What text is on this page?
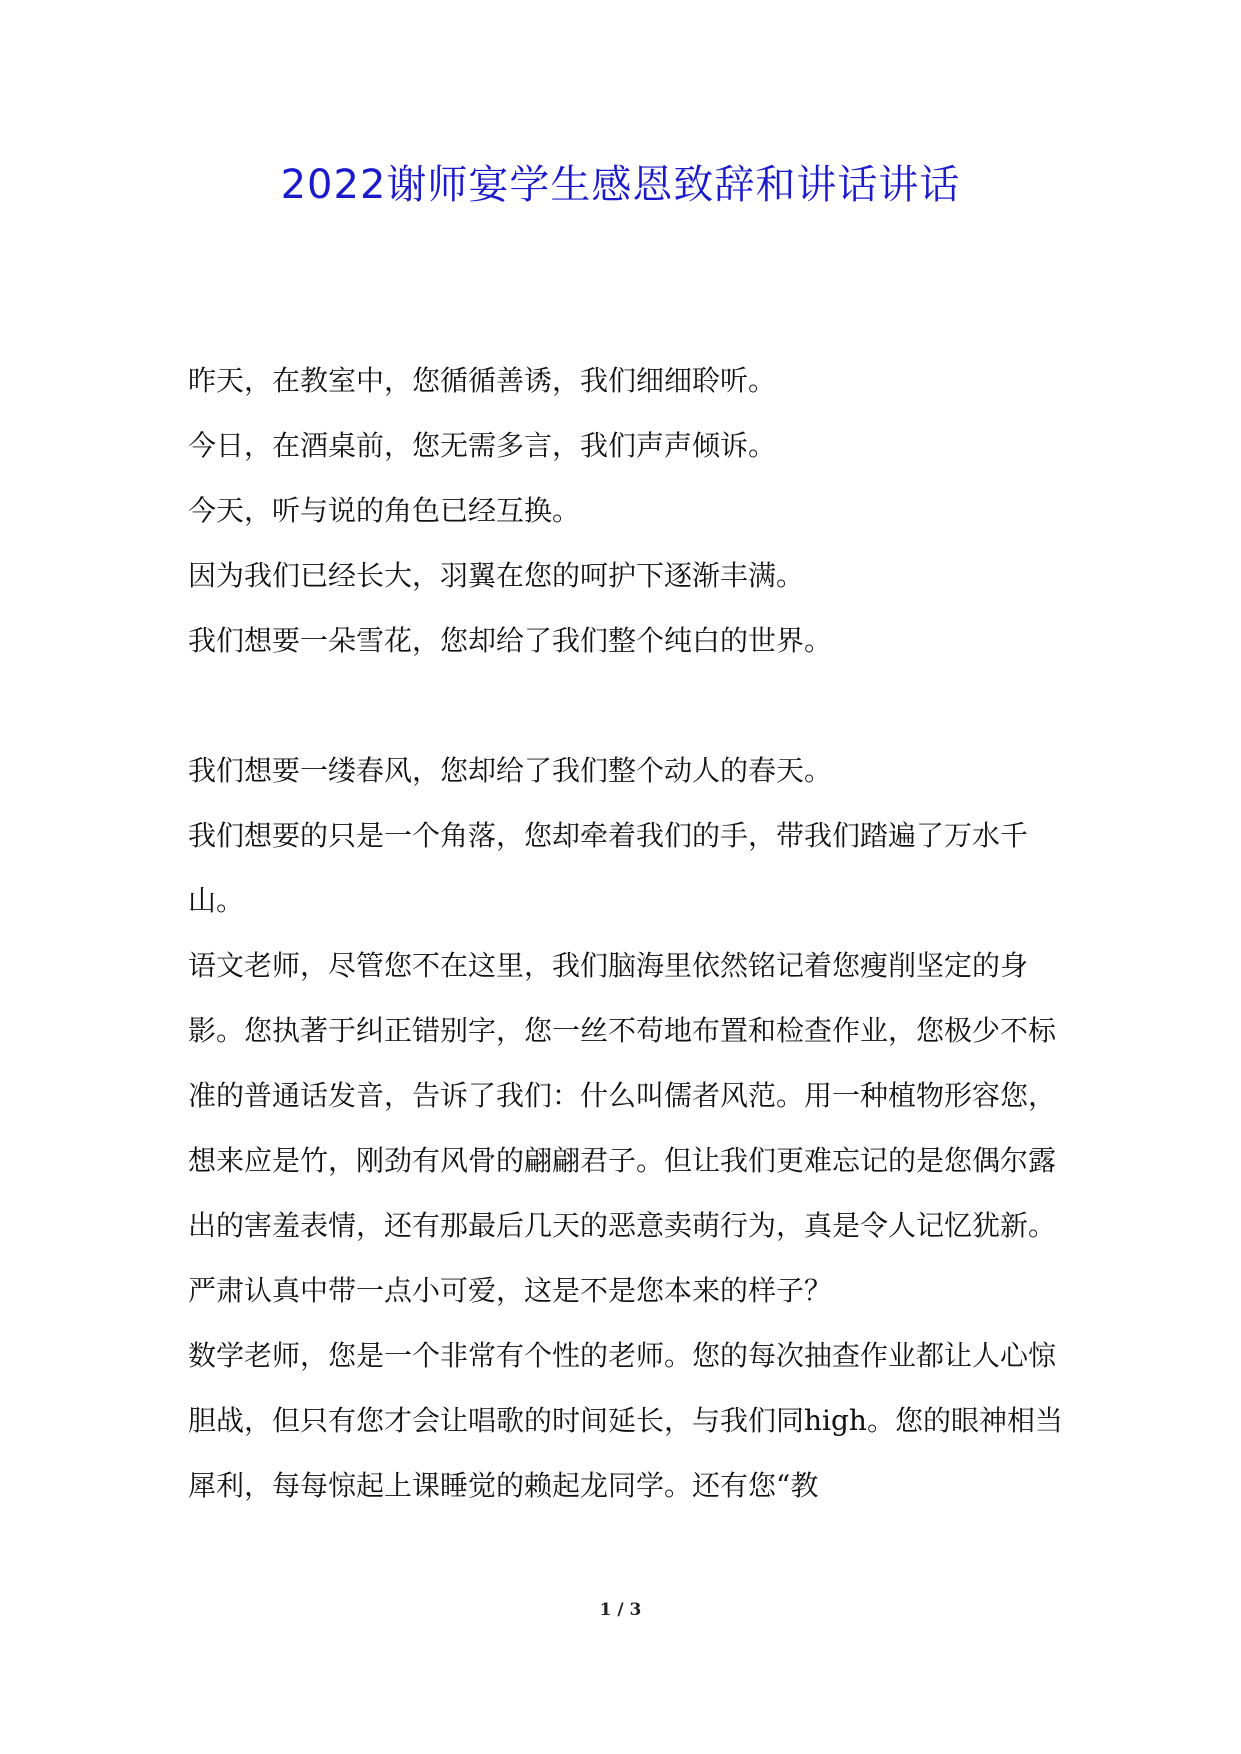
2022谢师宴学生感恩致辞和讲话讲话

昨天，在教室中，您循循善诱，我们细细聆听。

今日，在酒桌前，您无需多言，我们声声倾诉。

今天，听与说的角色已经互换。

因为我们已经长大，羽翼在您的呵护下逐渐丰满。

我们想要一朵雪花，您却给了我们整个纯白的世界。

我们想要一缕春风，您却给了我们整个动人的春天。

我们想要的只是一个角落，您却牵着我们的手，带我们踏遍了万水千山。

语文老师，尽管您不在这里，我们脑海里依然铭记着您瘦削坚定的身影。您执著于纠正错别字，您一丝不苟地布置和检查作业，您极少不标准的普通话发音，告诉了我们：什么叫儒者风范。用一种植物形容您，想来应是竹，刚劲有风骨的翩翩君子。但让我们更难忘记的是您偶尔露出的害羞表情，还有那最后几天的恶意卖萌行为，真是令人记忆犹新。严肃认真中带一点小可爱，这是不是您本来的样子？

数学老师，您是一个非常有个性的老师。您的每次抽查作业都让人心惊胆战，但只有您才会让唱歌的时间延长，与我们同high。您的眼神相当犀利，每每惊起上课睡觉的赖起龙同学。还有您“教

1 / 3
